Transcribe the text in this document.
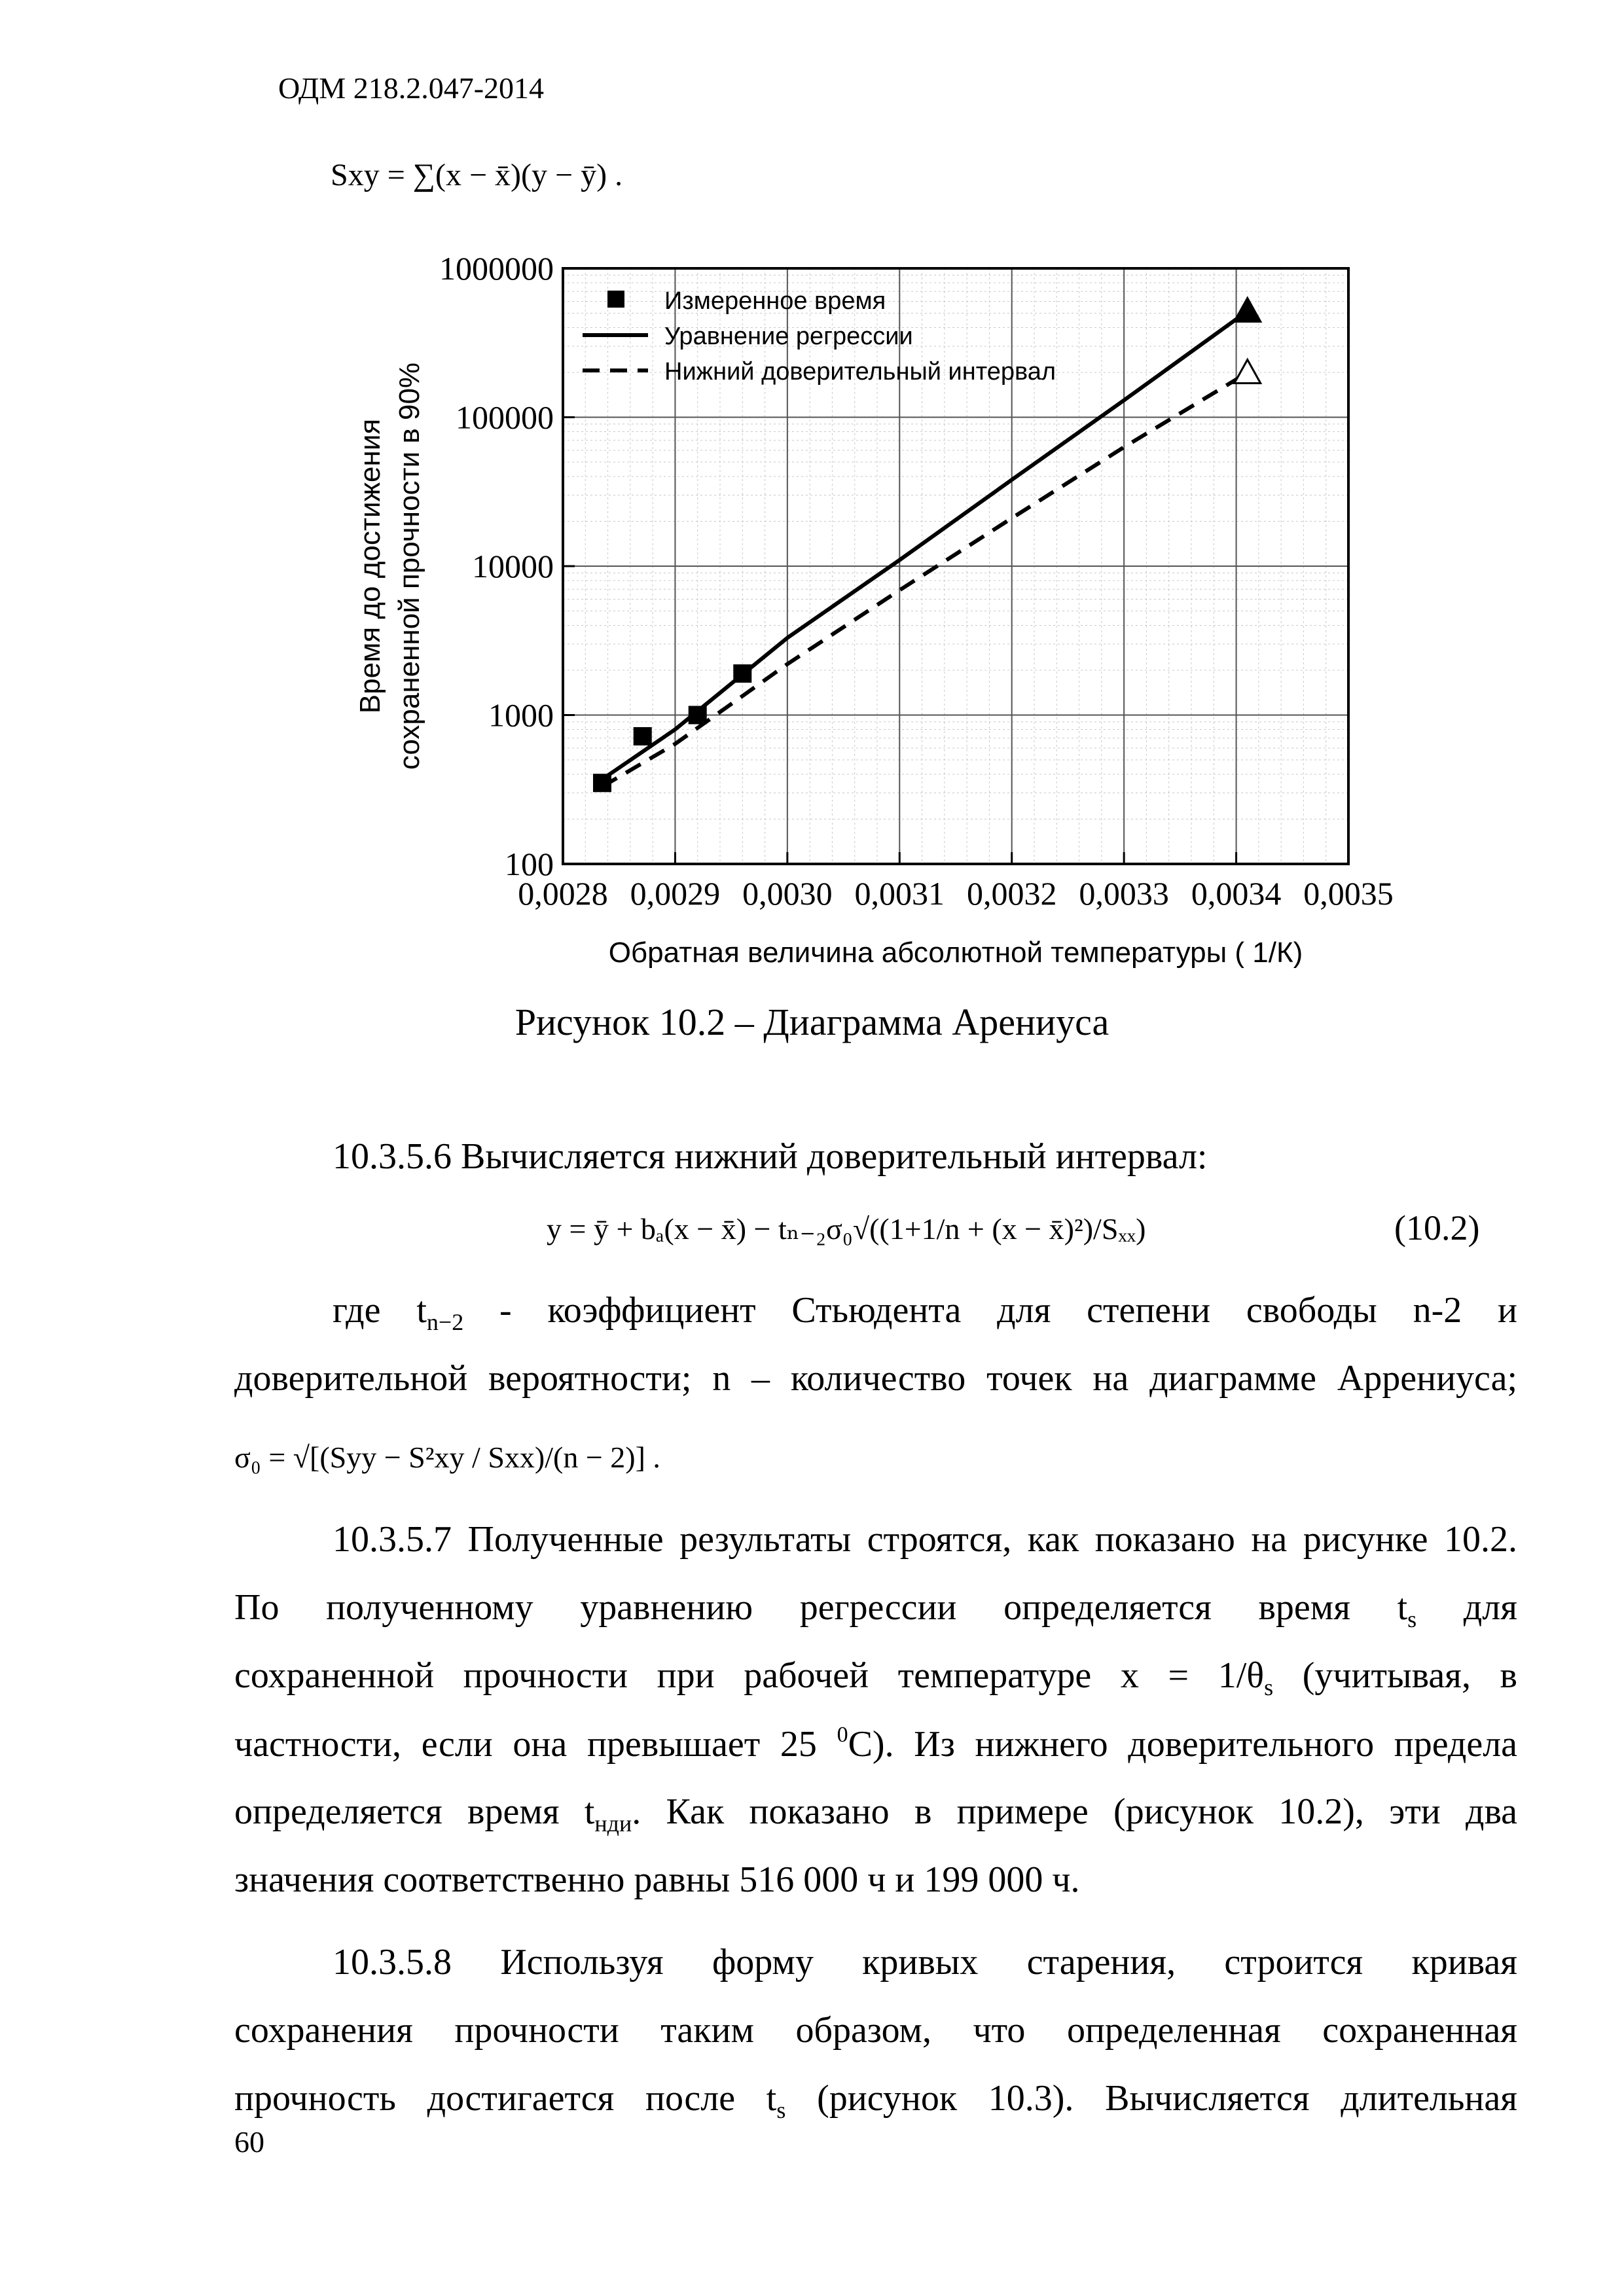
ОДМ 218.2.047-2014
Sxy = ∑(x − x̄)(y − ȳ) .
0,0028 0,0029 0,0030 0,0031 0,0032 0,0033 0,0034 0,0035
100
1000
10000
100000
1000000
Обратная величина абсолютной температуры ( 1/К)
Время до достижения сохраненной прочности в 90%
Измеренное время
Уравнение регрессии
Нижний доверительный интервал
Рисунок 10.2 – Диаграмма Арениуса
10.3.5.6 Вычисляется нижний доверительный интервал:
y = ȳ + bₐ(x − x̄) − tₙ₋₂σ₀√((1+1/n + (x − x̄)²)/Sₓₓ)	(10.2)
где $t_{n-2}$ - коэффициент Стьюдента для степени свободы n-2 и
доверительной вероятности; n – количество точек на диаграмме Аррениуса;
σ₀ = √[(Syy − S²xy / Sxx)/(n − 2)] .
10.3.5.7 Полученные результаты строятся, как показано на рисунке 10.2.
По полученному уравнению регрессии определяется время $t_s$ для
сохраненной прочности при рабочей температуре $x = 1/\theta_s$ (учитывая, в
частности, если она превышает 25 $^0$С). Из нижнего доверительного предела
определяется время $t_{нди}$. Как показано в примере (рисунок 10.2), эти два
значения соответственно равны 516 000 ч и 199 000 ч.
10.3.5.8 Используя форму кривых старения, строится кривая
сохранения прочности таким образом, что определенная сохраненная
прочность достигается после $t_s$ (рисунок 10.3). Вычисляется длительная
60
